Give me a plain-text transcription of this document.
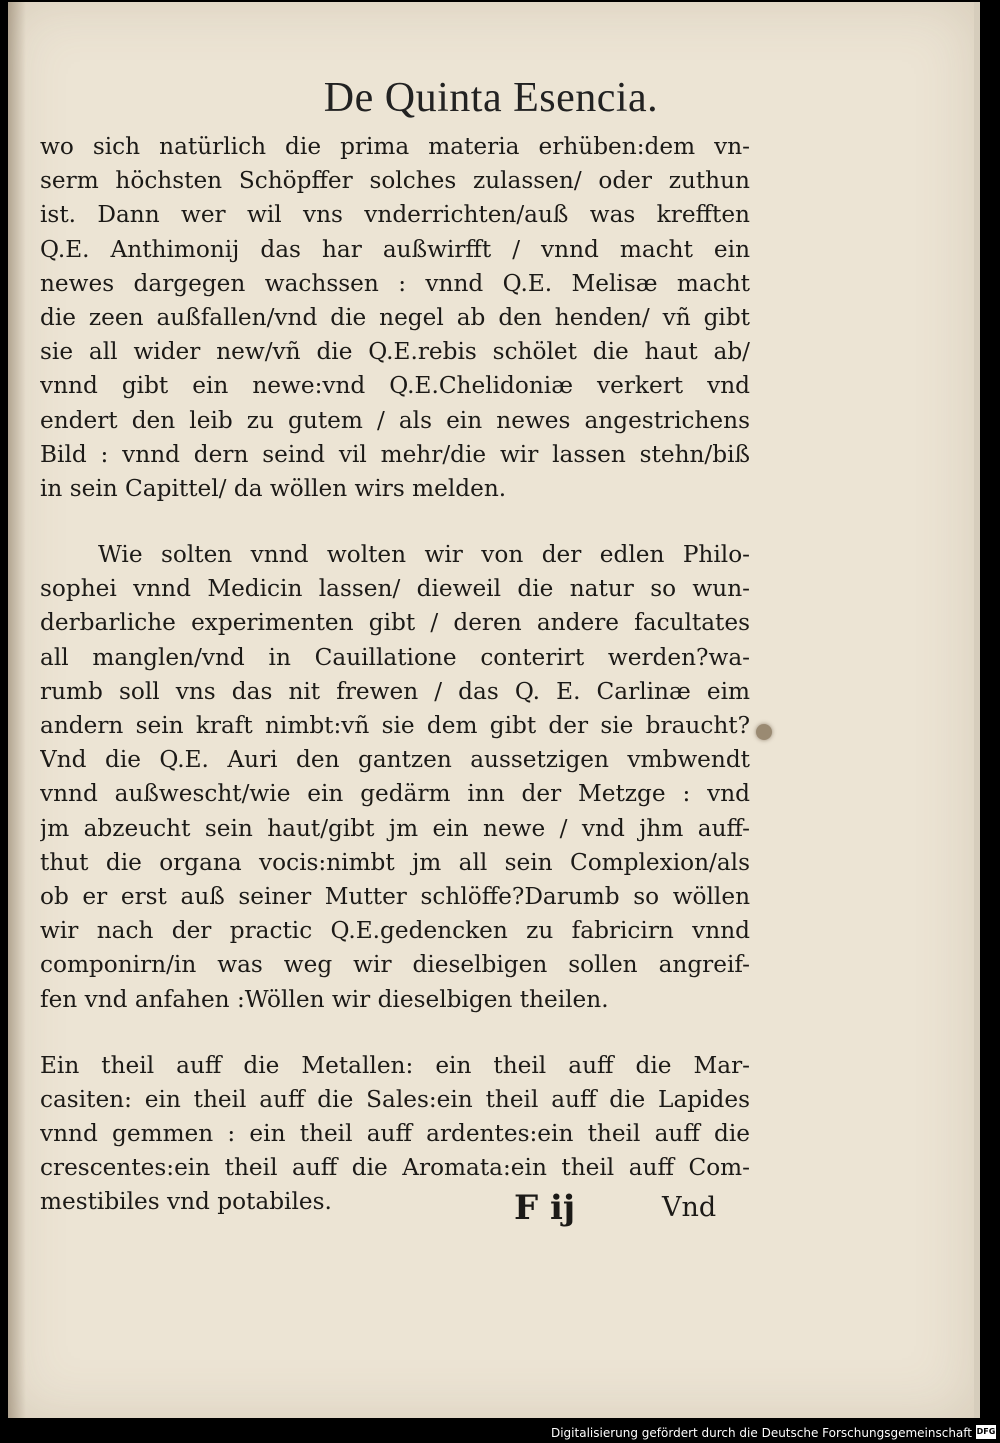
De Quinta Esencia.
wo sich natürlich die prima materia erhüben:dem vn-
serm höchsten Schöpffer solches zulassen/ oder zuthun
ist. Dann wer wil vns vnderrichten/auß was krefften
Q.E. Anthimonij das har außwirfft / vnnd macht ein
newes dargegen wachssen : vnnd Q.E. Melisæ macht
die zeen außfallen/vnd die negel ab den henden/ vñ gibt
sie all wider new/vñ die Q.E.rebis schölet die haut ab/
vnnd gibt ein newe:vnd Q.E.Chelidoniæ verkert vnd
endert den leib zu gutem / als ein newes angestrichens
Bild : vnnd dern seind vil mehr/die wir lassen stehn/biß
in sein Capittel/ da wöllen wirs melden.
Wie solten vnnd wolten wir von der edlen Philo-
sophei vnnd Medicin lassen/ dieweil die natur so wun-
derbarliche experimenten gibt / deren andere facultates
all manglen/vnd in Cauillatione conterirt werden?wa-
rumb soll vns das nit frewen / das Q. E. Carlinæ eim
andern sein kraft nimbt:vñ sie dem gibt der sie braucht?
Vnd die Q.E. Auri den gantzen aussetzigen vmbwendt
vnnd außwescht/wie ein gedärm inn der Metzge : vnd
jm abzeucht sein haut/gibt jm ein newe / vnd jhm auff-
thut die organa vocis:nimbt jm all sein Complexion/als
ob er erst auß seiner Mutter schlöffe?Darumb so wöllen
wir nach der practic Q.E.gedencken zu fabricirn vnnd
componirn/in was weg wir dieselbigen sollen angreif-
fen vnd anfahen :Wöllen wir dieselbigen theilen.
Ein theil auff die Metallen: ein theil auff die Mar-
casiten: ein theil auff die Sales:ein theil auff die Lapides
vnnd gemmen : ein theil auff ardentes:ein theil auff die
crescentes:ein theil auff die Aromata:ein theil auff Com-
mestibiles vnd potabiles.	F ij	Vnd
Digitalisierung gefördert durch die Deutsche Forschungsgemeinschaft DFG
